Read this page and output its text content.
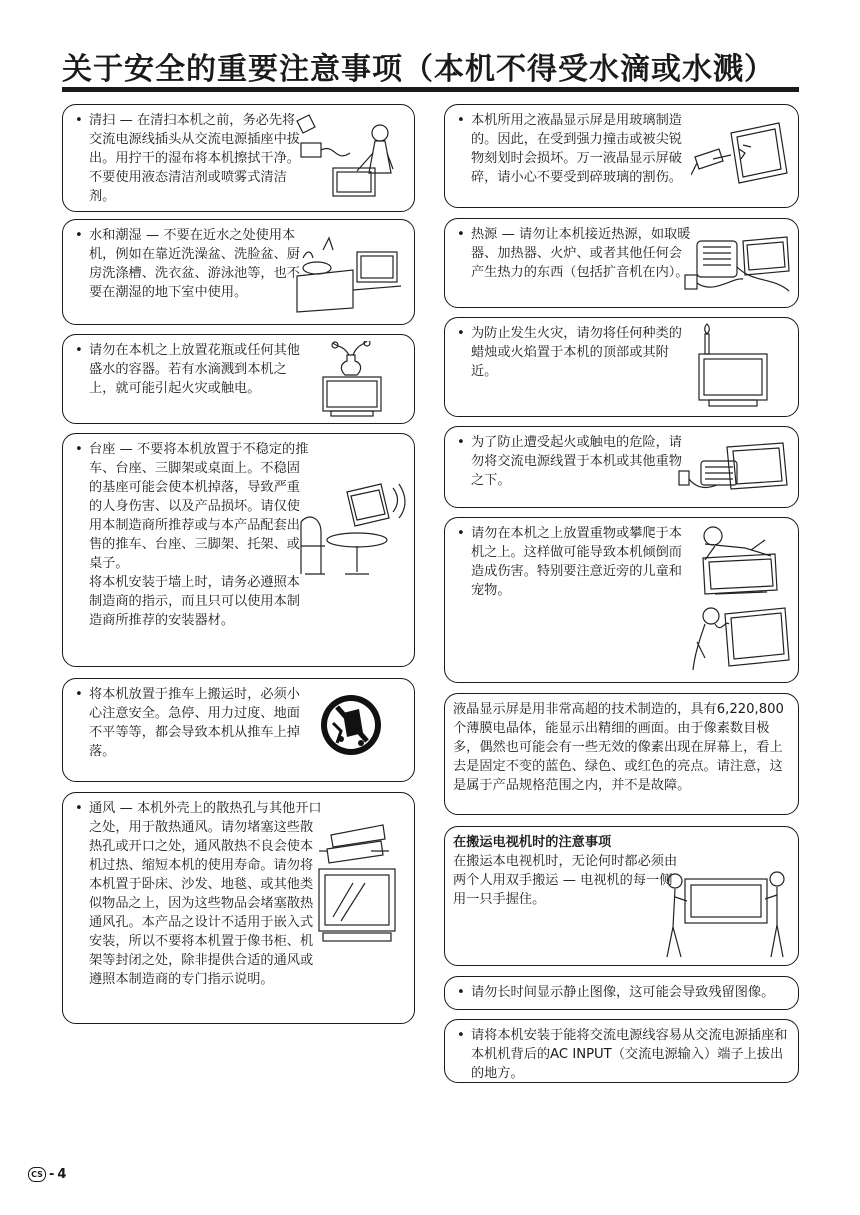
关于安全的重要注意事项（本机不得受水滴或水溅）
• 清扫 — 在清扫本机之前，务必先将交流电源线插头从交流电源插座中拔出。用拧干的湿布将本机擦拭干净。不要使用液态清洁剂或喷雾式清洁剂。
• 水和潮湿 — 不要在近水之处使用本机，例如在靠近洗澡盆、洗脸盆、厨房洗涤槽、洗衣盆、游泳池等，也不要在潮湿的地下室中使用。
• 请勿在本机之上放置花瓶或任何其他盛水的容器。若有水滴溅到本机之上，就可能引起火灾或触电。
• 台座 — 不要将本机放置于不稳定的推车、台座、三脚架或桌面上。不稳固的基座可能会使本机掉落，导致严重的人身伤害、以及产品损坏。请仅使用本制造商所推荐或与本产品配套出售的推车、台座、三脚架、托架、或桌子。
将本机安装于墙上时，请务必遵照本制造商的指示，而且只可以使用本制造商所推荐的安装器材。
• 将本机放置于推车上搬运时，必须小心注意安全。急停、用力过度、地面不平等等，都会导致本机从推车上掉落。
• 通风 — 本机外壳上的散热孔与其他开口之处，用于散热通风。请勿堵塞这些散热孔或开口之处，通风散热不良会使本机过热、缩短本机的使用寿命。请勿将本机置于卧床、沙发、地毯、或其他类似物品之上，因为这些物品会堵塞散热通风孔。本产品之设计不适用于嵌入式安装，所以不要将本机置于像书柜、机架等封闭之处，除非提供合适的通风或遵照本制造商的专门指示说明。
• 本机所用之液晶显示屏是用玻璃制造的。因此，在受到强力撞击或被尖锐物刻划时会损坏。万一液晶显示屏破碎，请小心不要受到碎玻璃的割伤。
• 热源 — 请勿让本机接近热源，如取暖器、加热器、火炉、或者其他任何会产生热力的东西（包括扩音机在内）。
• 为防止发生火灾，请勿将任何种类的蜡烛或火焰置于本机的顶部或其附近。
• 为了防止遭受起火或触电的危险，请勿将交流电源线置于本机或其他重物之下。
• 请勿在本机之上放置重物或攀爬于本机之上。这样做可能导致本机倾倒而造成伤害。特别要注意近旁的儿童和宠物。
液晶显示屏是用非常高超的技术制造的，具有6,220,800个薄膜电晶体，能显示出精细的画面。由于像素数目极多，偶然也可能会有一些无效的像素出现在屏幕上，看上去是固定不变的蓝色、绿色、或红色的亮点。请注意，这是属于产品规格范围之内，并不是故障。
在搬运电视机时的注意事项
在搬运本电视机时，无论何时都必须由两个人用双手搬运 — 电视机的每一侧用一只手握住。
• 请勿长时间显示静止图像，这可能会导致残留图像。
• 请将本机安装于能将交流电源线容易从交流电源插座和本机机背后的AC INPUT（交流电源输入）端子上拔出的地方。
CS - 4
